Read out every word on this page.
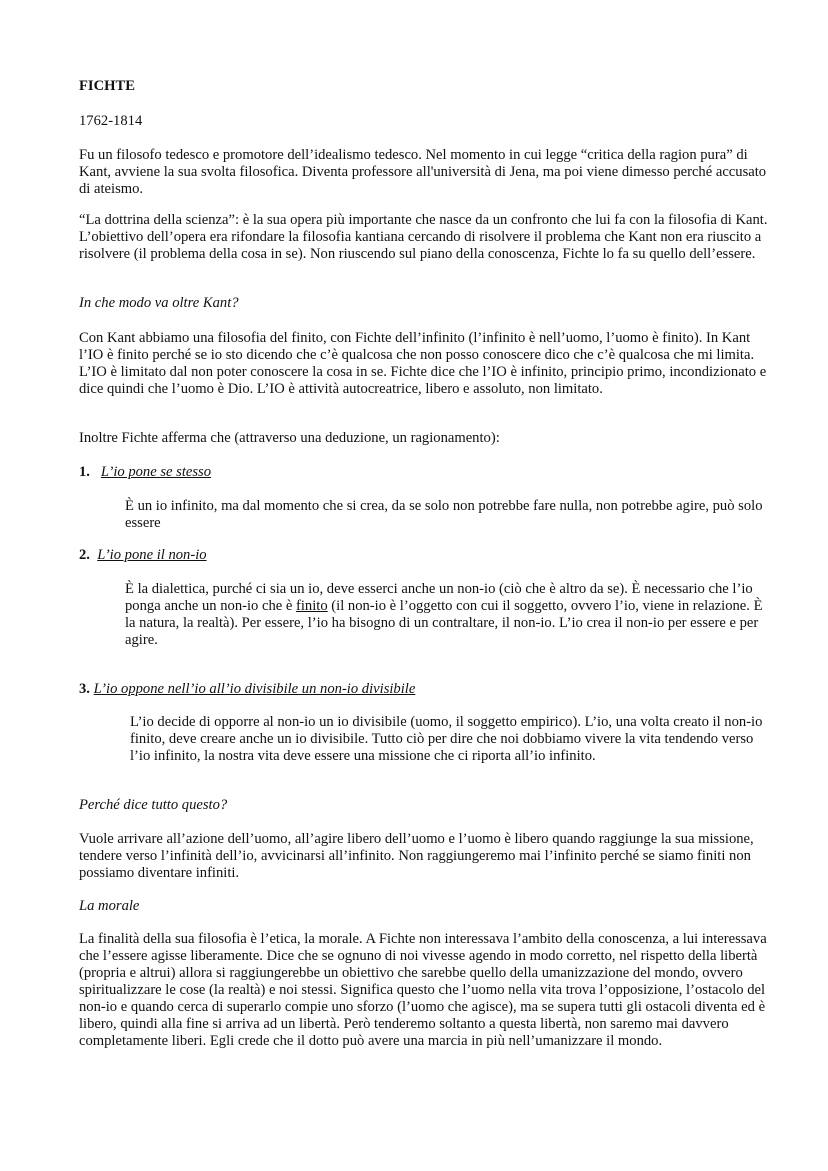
FICHTE

1762-1814

Fu un filosofo tedesco e promotore dell’idealismo tedesco. Nel momento in cui legge “critica della ragion pura” di Kant, avviene la sua svolta filosofica. Diventa professore all'università di Jena, ma poi viene dimesso perché accusato di ateismo.

“La dottrina della scienza”: è la sua opera più importante che nasce da un confronto che lui fa con la filosofia di Kant. L’obiettivo dell’opera era rifondare la filosofia kantiana cercando di risolvere il problema che Kant non era riuscito a risolvere (il problema della cosa in se). Non riuscendo sul piano della conoscenza, Fichte lo fa su quello dell’essere.

In che modo va oltre Kant?

Con Kant abbiamo una filosofia del finito, con Fichte dell’infinito (l’infinito è nell’uomo, l’uomo è finito). In Kant l’IO è finito perché se io sto dicendo che c’è qualcosa che non posso conoscere dico che c’è qualcosa che mi limita. L’IO è limitato dal non poter conoscere la cosa in se. Fichte dice che l’IO è infinito, principio primo, incondizionato e dice quindi che l’uomo è Dio. L’IO è attività autocreatrice, libero e assoluto, non limitato.

Inoltre Fichte afferma che (attraverso una deduzione, un ragionamento):

1. L’io pone se stesso

È un io infinito, ma dal momento che si crea, da se solo non potrebbe fare nulla, non potrebbe agire, può solo essere

2. L’io pone il non-io

È la dialettica, purché ci sia un io, deve esserci anche un non-io (ciò che è altro da se). È necessario che l’io ponga anche un non-io che è finito (il non-io è l’oggetto con cui il soggetto, ovvero l’io, viene in relazione. È la natura, la realtà). Per essere, l’io ha bisogno di un contraltare, il non-io. L’io crea il non-io per essere e per agire.

3. L’io oppone nell’io all’io divisibile un non-io divisibile

L’io decide di opporre al non-io un io divisibile (uomo, il soggetto empirico). L’io, una volta creato il non-io finito, deve creare anche un io divisibile. Tutto ciò per dire che noi dobbiamo vivere la vita tendendo verso l’io infinito, la nostra vita deve essere una missione che ci riporta all’io infinito.

Perché dice tutto questo?

Vuole arrivare all’azione dell’uomo, all’agire libero dell’uomo e l’uomo è libero quando raggiunge la sua missione, tendere verso l’infinità dell’io, avvicinarsi all’infinito. Non raggiungeremo mai l’infinito perché se siamo finiti non possiamo diventare infiniti.

La morale

La finalità della sua filosofia è l’etica, la morale. A Fichte non interessava l’ambito della conoscenza, a lui interessava che l’essere agisse liberamente. Dice che se ognuno di noi vivesse agendo in modo corretto, nel rispetto della libertà (propria e altrui) allora si raggiungerebbe un obiettivo che sarebbe quello della umanizzazione del mondo, ovvero spiritualizzare le cose (la realtà) e noi stessi. Significa questo che l’uomo nella vita trova l’opposizione, l’ostacolo del non-io e quando cerca di superarlo compie uno sforzo (l’uomo che agisce), ma se supera tutti gli ostacoli diventa ed è libero, quindi alla fine si arriva ad un libertà. Però tenderemo soltanto a questa libertà, non saremo mai davvero completamente liberi. Egli crede che il dotto può avere una marcia in più nell’umanizzare il mondo.
